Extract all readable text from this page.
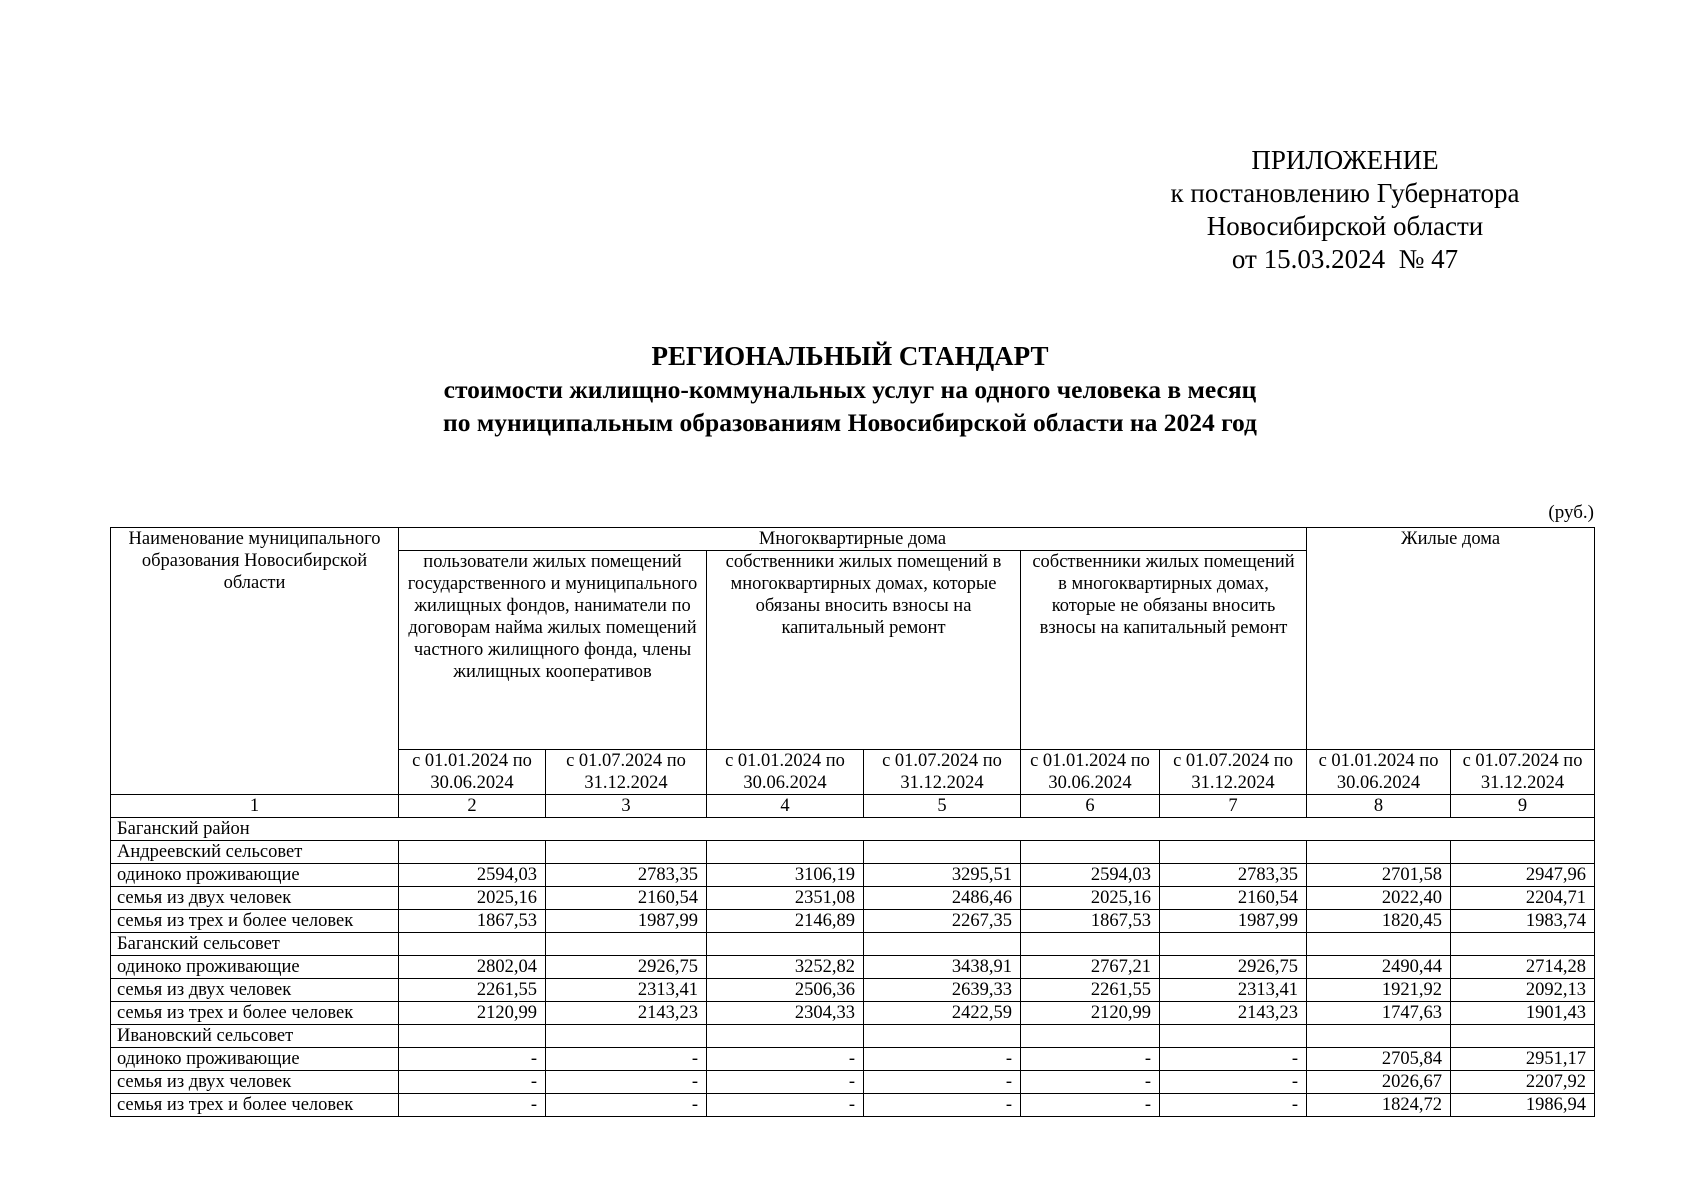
ПРИЛОЖЕНИЕ
к постановлению Губернатора
Новосибирской области
от 15.03.2024  № 47
РЕГИОНАЛЬНЫЙ СТАНДАРТ
стоимости жилищно-коммунальных услуг на одного человека в месяц
по муниципальным образованиям Новосибирской области на 2024 год
(руб.)
Наименование муниципального образования Новосибирской области	Многоквартирные дома						Жилые дома	
	пользователи жилых помещений государственного и муниципального жилищных фондов, наниматели по договорам найма жилых помещений частного жилищного фонда, члены жилищных кооперативов		собственники жилых помещений в многоквартирных домах, которые обязаны вносить взносы на капитальный ремонт		собственники жилых помещений в многоквартирных домах, которые не обязаны вносить взносы на капитальный ремонт			
	с 01.01.2024 по 30.06.2024	с 01.07.2024 по 31.12.2024	с 01.01.2024 по 30.06.2024	с 01.07.2024 по 31.12.2024	с 01.01.2024 по 30.06.2024	с 01.07.2024 по 31.12.2024	с 01.01.2024 по 30.06.2024	с 01.07.2024 по 31.12.2024
1	2	3	4	5	6	7	8	9
Баганский район								
Андреевский сельсовет								
одиноко проживающие	2594,03	2783,35	3106,19	3295,51	2594,03	2783,35	2701,58	2947,96
семья из двух человек	2025,16	2160,54	2351,08	2486,46	2025,16	2160,54	2022,40	2204,71
семья из трех и более человек	1867,53	1987,99	2146,89	2267,35	1867,53	1987,99	1820,45	1983,74
Баганский сельсовет								
одиноко проживающие	2802,04	2926,75	3252,82	3438,91	2767,21	2926,75	2490,44	2714,28
семья из двух человек	2261,55	2313,41	2506,36	2639,33	2261,55	2313,41	1921,92	2092,13
семья из трех и более человек	2120,99	2143,23	2304,33	2422,59	2120,99	2143,23	1747,63	1901,43
Ивановский сельсовет								
одиноко проживающие	-	-	-	-	-	-	2705,84	2951,17
семья из двух человек	-	-	-	-	-	-	2026,67	2207,92
семья из трех и более человек	-	-	-	-	-	-	1824,72	1986,94
